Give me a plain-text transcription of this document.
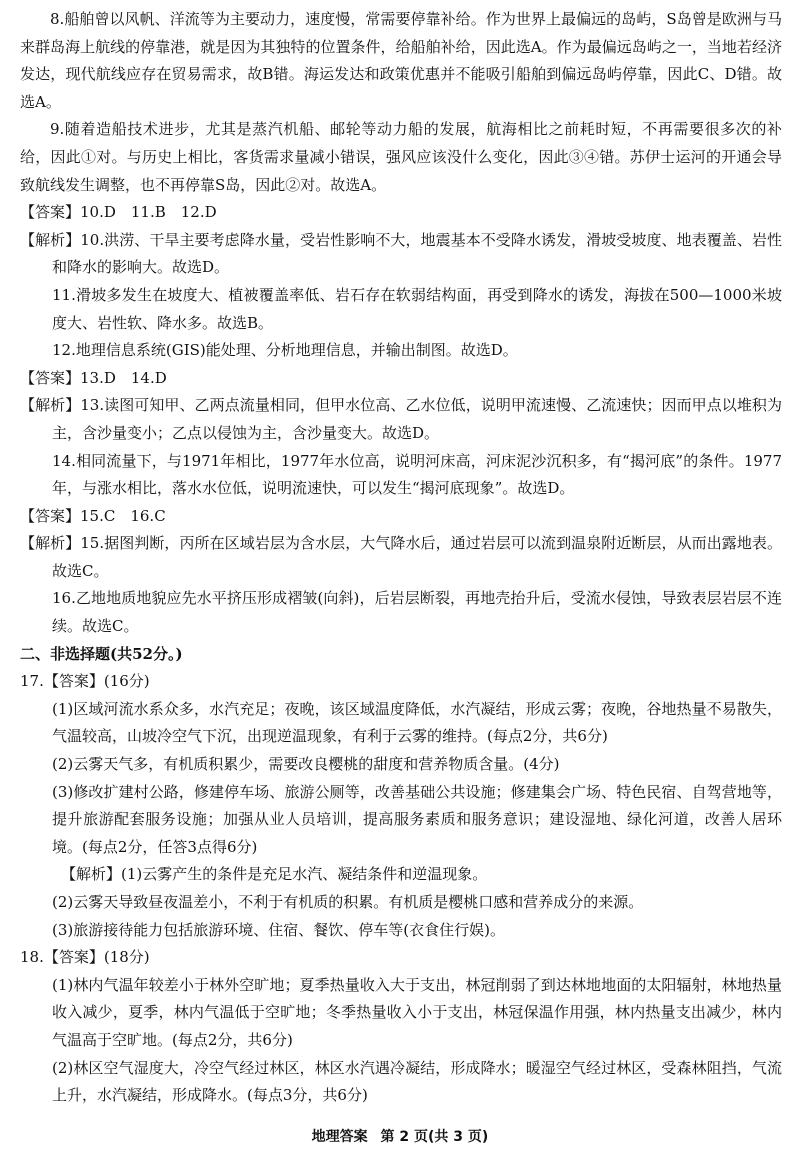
8.船舶曾以风帆、洋流等为主要动力，速度慢，常需要停靠补给。作为世界上最偏远的岛屿，S岛曾是欧洲与马来群岛海上航线的停靠港，就是因为其独特的位置条件，给船舶补给，因此选A。作为最偏远岛屿之一，当地若经济发达，现代航线应存在贸易需求，故B错。海运发达和政策优惠并不能吸引船舶到偏远岛屿停靠，因此C、D错。故选A。

9.随着造船技术进步，尤其是蒸汽机船、邮轮等动力船的发展，航海相比之前耗时短，不再需要很多次的补给，因此①对。与历史上相比，客货需求量减小错误，强风应该没什么变化，因此③④错。苏伊士运河的开通会导致航线发生调整，也不再停靠S岛，因此②对。故选A。

【答案】10.D　11.B　12.D

【解析】10.洪涝、干旱主要考虑降水量，受岩性影响不大，地震基本不受降水诱发，滑坡受坡度、地表覆盖、岩性和降水的影响大。故选D。

11.滑坡多发生在坡度大、植被覆盖率低、岩石存在软弱结构面，再受到降水的诱发，海拔在500—1000米坡度大、岩性软、降水多。故选B。

12.地理信息系统(GIS)能处理、分析地理信息，并输出制图。故选D。

【答案】13.D　14.D

【解析】13.读图可知甲、乙两点流量相同，但甲水位高、乙水位低，说明甲流速慢、乙流速快；因而甲点以堆积为主，含沙量变小；乙点以侵蚀为主，含沙量变大。故选D。

14.相同流量下，与1971年相比，1977年水位高，说明河床高，河床泥沙沉积多，有“揭河底”的条件。1977年，与涨水相比，落水水位低，说明流速快，可以发生“揭河底现象”。故选D。

【答案】15.C　16.C

【解析】15.据图判断，丙所在区域岩层为含水层，大气降水后，通过岩层可以流到温泉附近断层，从而出露地表。故选C。

16.乙地地质地貌应先水平挤压形成褶皱(向斜)，后岩层断裂，再地壳抬升后，受流水侵蚀，导致表层岩层不连续。故选C。

二、非选择题(共52分。)

17.【答案】(16分)

(1)区域河流水系众多，水汽充足；夜晚，该区域温度降低，水汽凝结，形成云雾；夜晚，谷地热量不易散失，气温较高，山坡冷空气下沉，出现逆温现象，有利于云雾的维持。(每点2分，共6分)

(2)云雾天气多，有机质积累少，需要改良樱桃的甜度和营养物质含量。(4分)

(3)修改扩建村公路，修建停车场、旅游公厕等，改善基础公共设施；修建集会广场、特色民宿、自驾营地等，提升旅游配套服务设施；加强从业人员培训，提高服务素质和服务意识；建设湿地、绿化河道，改善人居环境。(每点2分，任答3点得6分)

【解析】(1)云雾产生的条件是充足水汽、凝结条件和逆温现象。

(2)云雾天导致昼夜温差小，不利于有机质的积累。有机质是樱桃口感和营养成分的来源。

(3)旅游接待能力包括旅游环境、住宿、餐饮、停车等(衣食住行娱)。

18.【答案】(18分)

(1)林内气温年较差小于林外空旷地；夏季热量收入大于支出，林冠削弱了到达林地地面的太阳辐射，林地热量收入减少，夏季，林内气温低于空旷地；冬季热量收入小于支出，林冠保温作用强，林内热量支出减少，林内气温高于空旷地。(每点2分，共6分)

(2)林区空气湿度大，冷空气经过林区，林区水汽遇冷凝结，形成降水；暖湿空气经过林区，受森林阻挡，气流上升，水汽凝结，形成降水。(每点3分，共6分)

地理答案 第 2 页(共 3 页)
